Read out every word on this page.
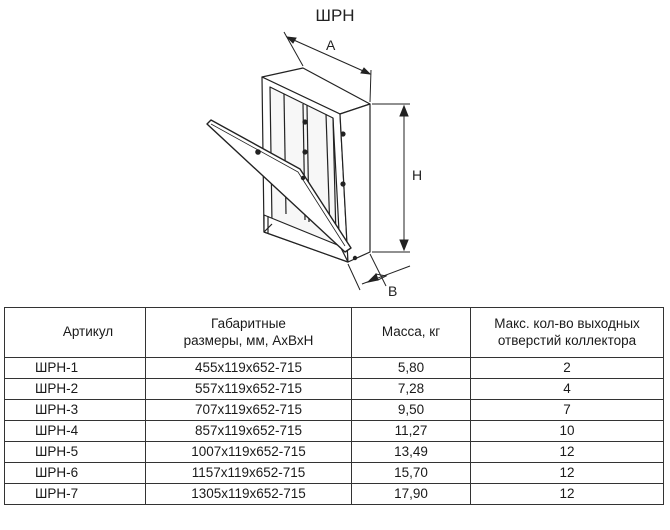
ШРН
A
H
B
Артикул	Габаритные
размеры, мм, АхВхН	Масса, кг	Макс. кол-во выходных
отверстий коллектора
ШРН-1	455х119х652-715	5,80	2
ШРН-2	557х119х652-715	7,28	4
ШРН-3	707х119х652-715	9,50	7
ШРН-4	857х119х652-715	11,27	10
ШРН-5	1007х119х652-715	13,49	12
ШРН-6	1157х119х652-715	15,70	12
ШРН-7	1305х119х652-715	17,90	12
